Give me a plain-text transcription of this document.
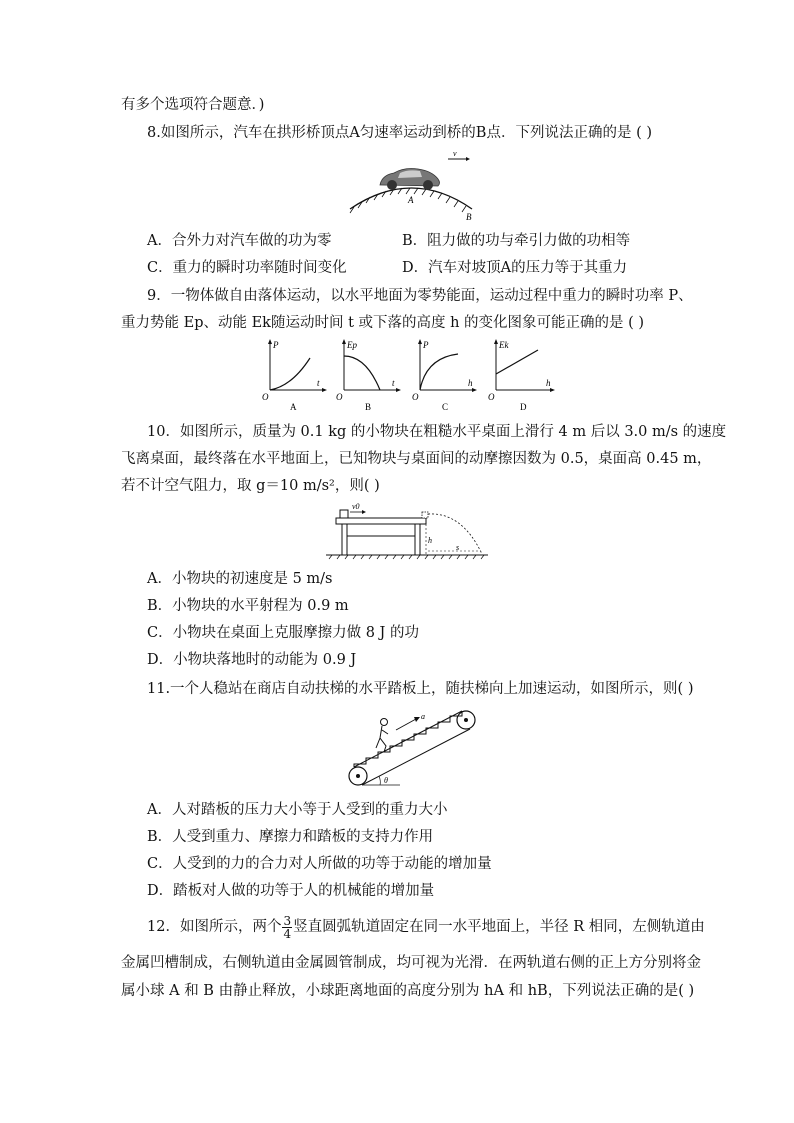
有多个选项符合题意．)
8.如图所示，汽车在拱形桥顶点A匀速率运动到桥的B点．下列说法正确的是 ( )
v
A
B
A．合外力对汽车做的功为零	B．阻力做的功与牵引力做的功相等
C．重力的瞬时功率随时间变化	D．汽车对坡顶A的压力等于其重力
9．一物体做自由落体运动，以水平地面为零势能面，运动过程中重力的瞬时功率 P、
重力势能 Ep、动能 Ek随运动时间 t 或下落的高度 h 的变化图象可能正确的是 ( )
P
t
O
A
Ep
t
O
B
P
h
O
C
Ek
h
O
D
10．如图所示，质量为 0.1 kg 的小物块在粗糙水平桌面上滑行 4 m 后以 3.0 m/s 的速度
飞离桌面，最终落在水平地面上，已知物块与桌面间的动摩擦因数为 0.5，桌面高 0.45 m，
若不计空气阻力，取 g＝10 m/s²，则( )
v0
h
s
A．小物块的初速度是 5 m/s
B．小物块的水平射程为 0.9 m
C．小物块在桌面上克服摩擦力做 8 J 的功
D．小物块落地时的动能为 0.9 J
11.一个人稳站在商店自动扶梯的水平踏板上，随扶梯向上加速运动，如图所示，则( )
a
θ
A．人对踏板的压力大小等于人受到的重力大小
B．人受到重力、摩擦力和踏板的支持力作用
C．人受到的力的合力对人所做的功等于动能的增加量
D．踏板对人做的功等于人的机械能的增加量
12．如图所示，两个 $\frac{3}{4}$ 竖直圆弧轨道固定在同一水平地面上，半径 R 相同，左侧轨道由
金属凹槽制成，右侧轨道由金属圆管制成，均可视为光滑．在两轨道右侧的正上方分别将金
属小球 A 和 B 由静止释放，小球距离地面的高度分别为 hA 和 hB，下列说法正确的是( )
